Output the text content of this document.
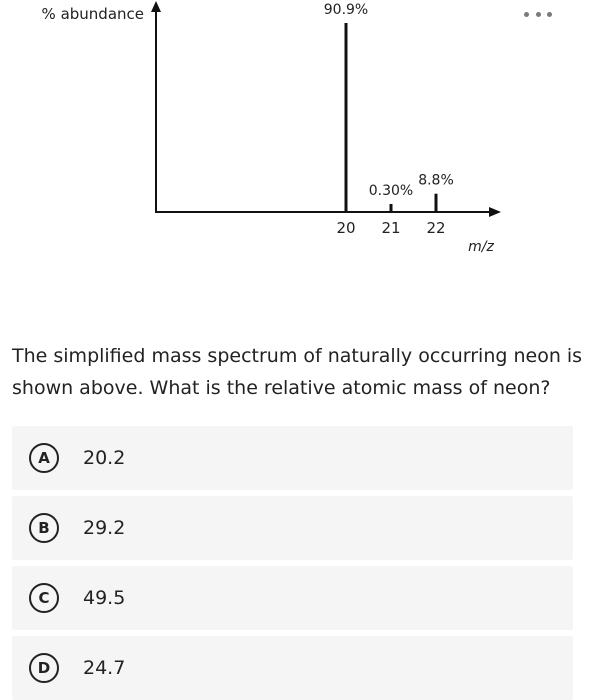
% abundance
m/z
90.9%
20
0.30%
21
8.8%
22

The simplified mass spectrum of naturally occurring neon is shown above. What is the relative atomic mass of neon?

A	20.2
B	29.2
C	49.5
D	24.7
